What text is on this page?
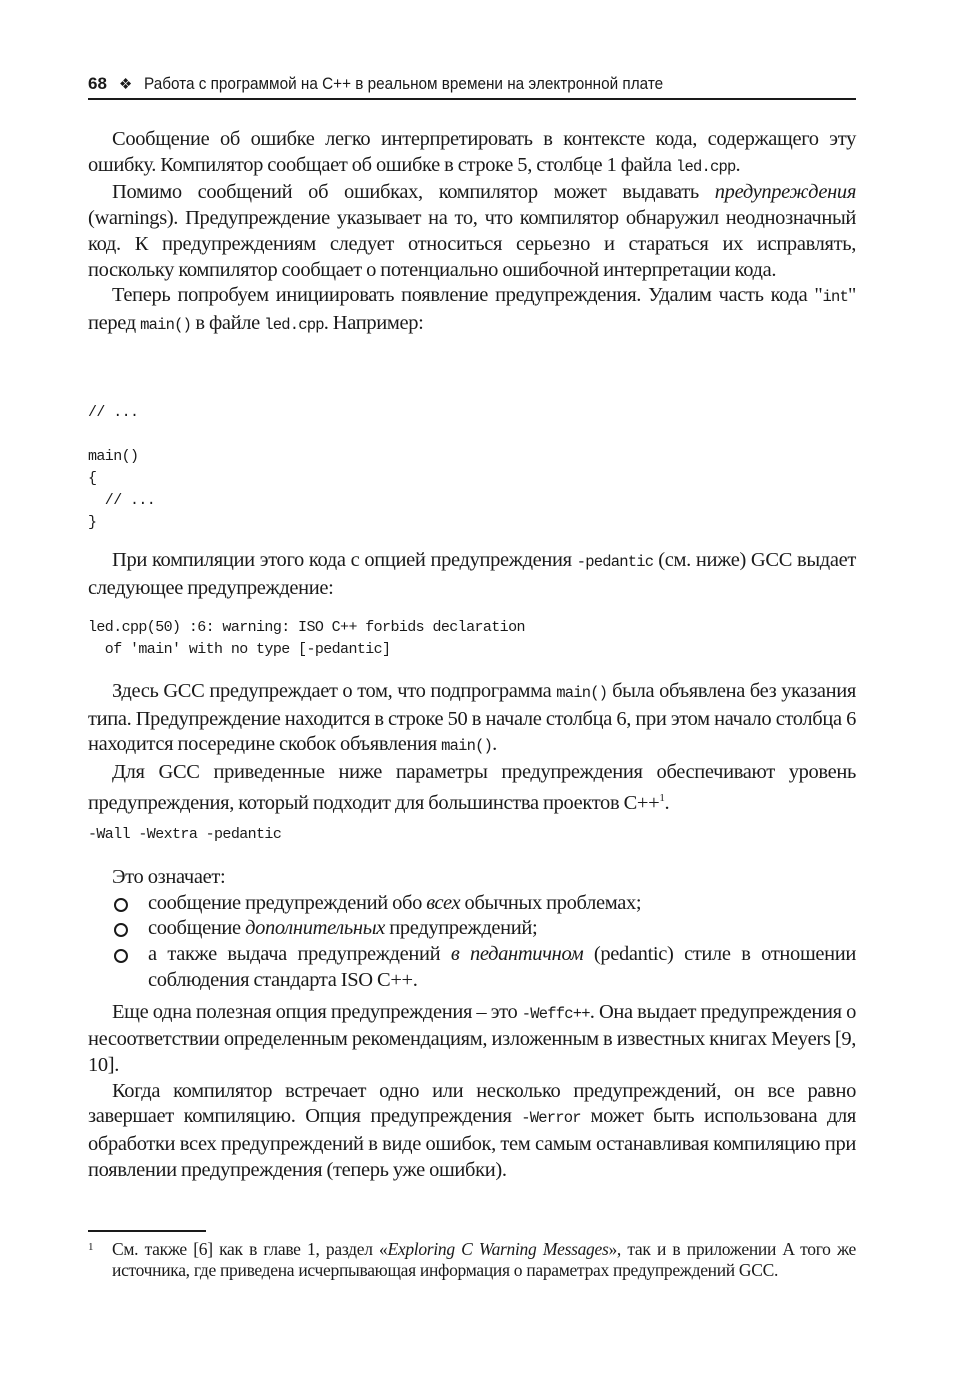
68 ❖ Работа с программой на C++ в реальном времени на электронной плате

Сообщение об ошибке легко интерпретировать в контексте кода, содержащего эту ошибку. Компилятор сообщает об ошибке в строке 5, столбце 1 файла led.cpp.

Помимо сообщений об ошибках, компилятор может выдавать предупреждения (warnings). Предупреждение указывает на то, что компилятор обнаружил неоднозначный код. К предупреждениям следует относиться серьезно и стараться их исправлять, поскольку компилятор сообщает о потенциально ошибочной интерпретации кода.

Теперь попробуем инициировать появление предупреждения. Удалим часть кода "int" перед main() в файле led.cpp. Например:

// ...

main()
{
// ...
}

При компиляции этого кода с опцией предупреждения -pedantic (см. ниже) GCC выдает следующее предупреждение:

led.cpp(50) :6: warning: ISO C++ forbids declaration
of 'main' with no type [-pedantic]

Здесь GCC предупреждает о том, что подпрограмма main() была объявлена без указания типа. Предупреждение находится в строке 50 в начале столбца 6, при этом начало столбца 6 находится посередине скобок объявления main().

Для GCC приведенные ниже параметры предупреждения обеспечивают уровень предупреждения, который подходит для большинства проектов C++$^1$.

-Wall -Wextra -pedantic

Это означает:

сообщение предупреждений обо всех обычных проблемах;
сообщение дополнительных предупреждений;
а также выдача предупреждений в педантичном (pedantic) стиле в отношении соблюдения стандарта ISO C++.

Еще одна полезная опция предупреждения – это -Weffc++. Она выдает предупреждения о несоответствии определенным рекомендациям, изложенным в известных книгах Meyers [9, 10].

Когда компилятор встречает одно или несколько предупреждений, он все равно завершает компиляцию. Опция предупреждения -Werror может быть использована для обработки всех предупреждений в виде ошибок, тем самым останавливая компиляцию при появлении предупреждения (теперь уже ошибки).

1 См. также [6] как в главе 1, раздел «Exploring C Warning Messages», так и в приложении A того же источника, где приведена исчерпывающая информация о параметрах предупреждений GCC.
